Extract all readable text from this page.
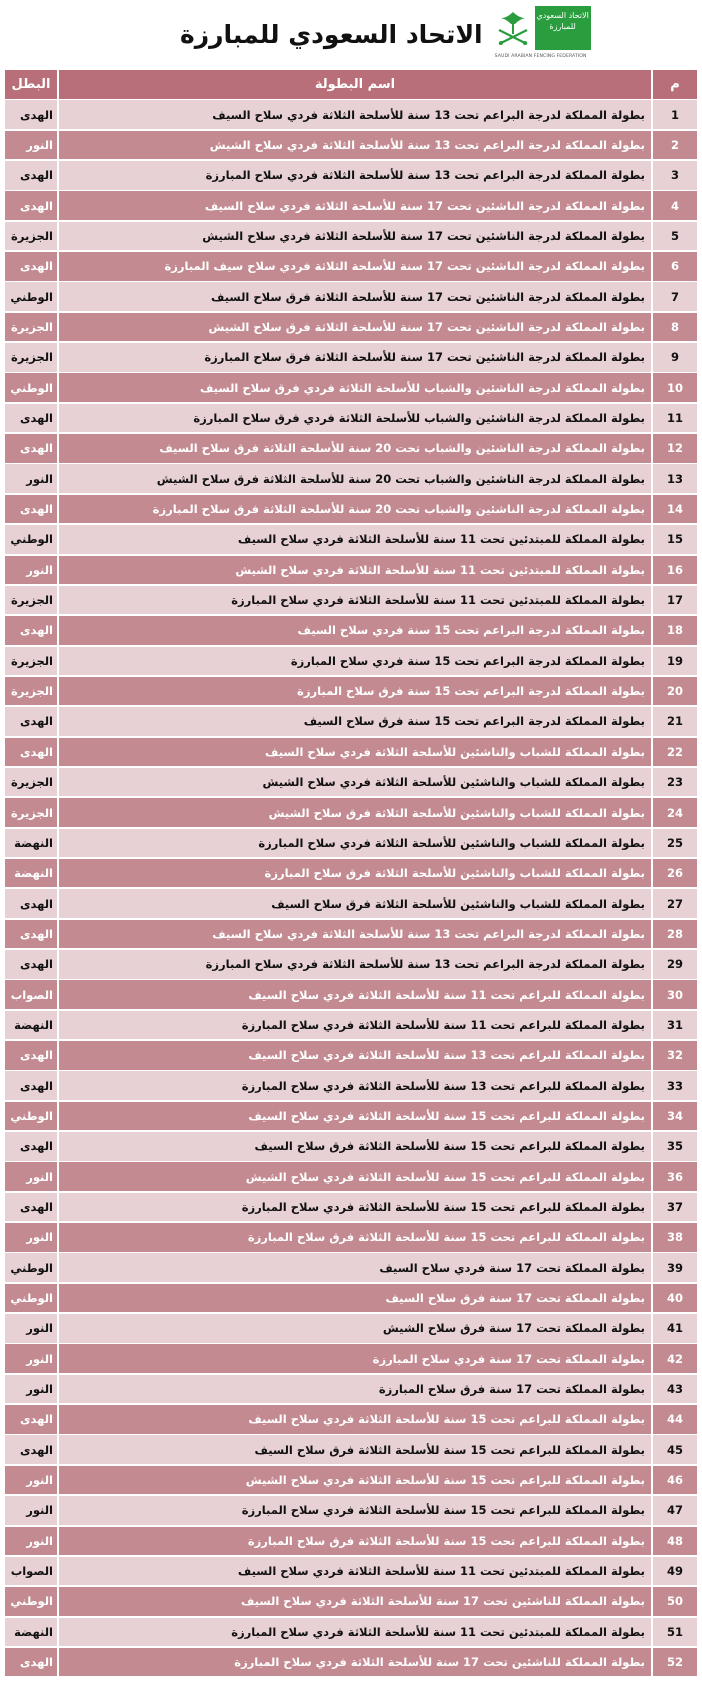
الاتحاد السعودي للمبارزة
الاتحاد السعودي للمبارزة
SAUDI ARABIAN FENCING FEDERATION
البطل	اسم البطولة	م
الهدى	بطولة المملكة لدرجة البراعم تحت 13 سنة للأسلحة الثلاثة فردي سلاح السيف	1
النور	بطولة المملكة لدرجة البراعم تحت 13 سنة للأسلحة الثلاثة فردي سلاح الشيش	2
الهدى	بطولة المملكة لدرجة البراعم تحت 13 سنة للأسلحة الثلاثة فردي سلاح المبارزة	3
الهدى	بطولة المملكة لدرجة الناشئين تحت 17 سنة للأسلحة الثلاثة فردي سلاح السيف	4
الجزيرة	بطولة المملكة لدرجة الناشئين تحت 17 سنة للأسلحة الثلاثة فردي سلاح الشيش	5
الهدى	بطولة المملكة لدرجة الناشئين تحت 17 سنة للأسلحة الثلاثة فردي سلاح سيف المبارزة	6
الوطني	بطولة المملكة لدرجة الناشئين تحت 17 سنة للأسلحة الثلاثة فرق سلاح السيف	7
الجزيرة	بطولة المملكة لدرجة الناشئين تحت 17 سنة للأسلحة الثلاثة فرق سلاح الشيش	8
الجزيرة	بطولة المملكة لدرجة الناشئين تحت 17 سنة للأسلحة الثلاثة فرق سلاح المبارزة	9
الوطني	بطولة المملكة لدرجة الناشئين والشباب للأسلحة الثلاثة فردي فرق سلاح السيف	10
الهدى	بطولة المملكة لدرجة الناشئين والشباب للأسلحة الثلاثة فردي فرق سلاح المبارزة	11
الهدى	بطولة المملكة لدرجة الناشئين والشباب تحت 20 سنة للأسلحة الثلاثة فرق سلاح السيف	12
النور	بطولة المملكة لدرجة الناشئين والشباب تحت 20 سنة للأسلحة الثلاثة فرق سلاح الشيش	13
الهدى	بطولة المملكة لدرجة الناشئين والشباب تحت 20 سنة للأسلحة الثلاثة فرق سلاح المبارزة	14
الوطني	بطولة المملكة للمبتدئين تحت 11 سنة للأسلحة الثلاثة فردي سلاح السيف	15
النور	بطولة المملكة للمبتدئين تحت 11 سنة للأسلحة الثلاثة فردي سلاح الشيش	16
الجزيرة	بطولة المملكة للمبتدئين تحت 11 سنة للأسلحة الثلاثة فردي سلاح المبارزة	17
الهدى	بطولة المملكة لدرجة البراعم تحت 15 سنة فردي سلاح السيف	18
الجزيرة	بطولة المملكة لدرجة البراعم تحت 15 سنة فردي سلاح المبارزة	19
الجزيرة	بطولة المملكة لدرجة البراعم تحت 15 سنة فرق سلاح المبارزة	20
الهدى	بطولة المملكة لدرجة البراعم تحت 15 سنة فرق سلاح السيف	21
الهدى	بطولة المملكة للشباب والناشئين للأسلحة الثلاثة فردي سلاح السيف	22
الجزيرة	بطولة المملكة للشباب والناشئين للأسلحة الثلاثة فردي سلاح الشيش	23
الجزيرة	بطولة المملكة للشباب والناشئين للأسلحة الثلاثة فرق سلاح الشيش	24
النهضة	بطولة المملكة للشباب والناشئين للأسلحة الثلاثة فردي سلاح المبارزة	25
النهضة	بطولة المملكة للشباب والناشئين للأسلحة الثلاثة فرق سلاح المبارزة	26
الهدى	بطولة المملكة للشباب والناشئين للأسلحة الثلاثة فرق سلاح السيف	27
الهدى	بطولة المملكة لدرجة البراعم تحت 13 سنة للأسلحة الثلاثة فردي سلاح السيف	28
الهدى	بطولة المملكة لدرجة البراعم تحت 13 سنة للأسلحة الثلاثة فردي سلاح المبارزة	29
الصواب	بطولة المملكة للبراعم تحت 11 سنة للأسلحة الثلاثة فردي سلاح السيف	30
النهضة	بطولة المملكة للبراعم تحت 11 سنة للأسلحة الثلاثة فردي سلاح المبارزة	31
الهدى	بطولة المملكة للبراعم تحت 13 سنة للأسلحة الثلاثة فردي سلاح السيف	32
الهدى	بطولة المملكة للبراعم تحت 13 سنة للأسلحة الثلاثة فردي سلاح المبارزة	33
الوطني	بطولة المملكة للبراعم تحت 15 سنة للأسلحة الثلاثة فردي سلاح السيف	34
الهدى	بطولة المملكة للبراعم تحت 15 سنة للأسلحة الثلاثة فرق سلاح السيف	35
النور	بطولة المملكة للبراعم تحت 15 سنة للأسلحة الثلاثة فردي سلاح الشيش	36
الهدى	بطولة المملكة للبراعم تحت 15 سنة للأسلحة الثلاثة فردي سلاح المبارزة	37
النور	بطولة المملكة للبراعم تحت 15 سنة للأسلحة الثلاثة فرق سلاح المبارزة	38
الوطني	بطولة المملكة تحت 17 سنة فردي سلاح السيف	39
الوطني	بطولة المملكة تحت 17 سنة فرق سلاح السيف	40
النور	بطولة المملكة تحت 17 سنة فرق سلاح الشيش	41
النور	بطولة المملكة تحت 17 سنة فردي سلاح المبارزة	42
النور	بطولة المملكة تحت 17 سنة فرق سلاح المبارزة	43
الهدى	بطولة المملكة للبراعم تحت 15 سنة للأسلحة الثلاثة فردي سلاح السيف	44
الهدى	بطولة المملكة للبراعم تحت 15 سنة للأسلحة الثلاثة فرق سلاح السيف	45
النور	بطولة المملكة للبراعم تحت 15 سنة للأسلحة الثلاثة فردي سلاح الشيش	46
النور	بطولة المملكة للبراعم تحت 15 سنة للأسلحة الثلاثة فردي سلاح المبارزة	47
النور	بطولة المملكة للبراعم تحت 15 سنة للأسلحة الثلاثة فرق سلاح المبارزة	48
الصواب	بطولة المملكة للمبتدئين تحت 11 سنة للأسلحة الثلاثة فردي سلاح السيف	49
الوطني	بطولة المملكة للناشئين تحت 17 سنة للأسلحة الثلاثة فردي سلاح السيف	50
النهضة	بطولة المملكة للمبتدئين تحت 11 سنة للأسلحة الثلاثة فردي سلاح المبارزة	51
الهدى	بطولة المملكة للناشئين تحت 17 سنة للأسلحة الثلاثة فردي سلاح المبارزة	52
